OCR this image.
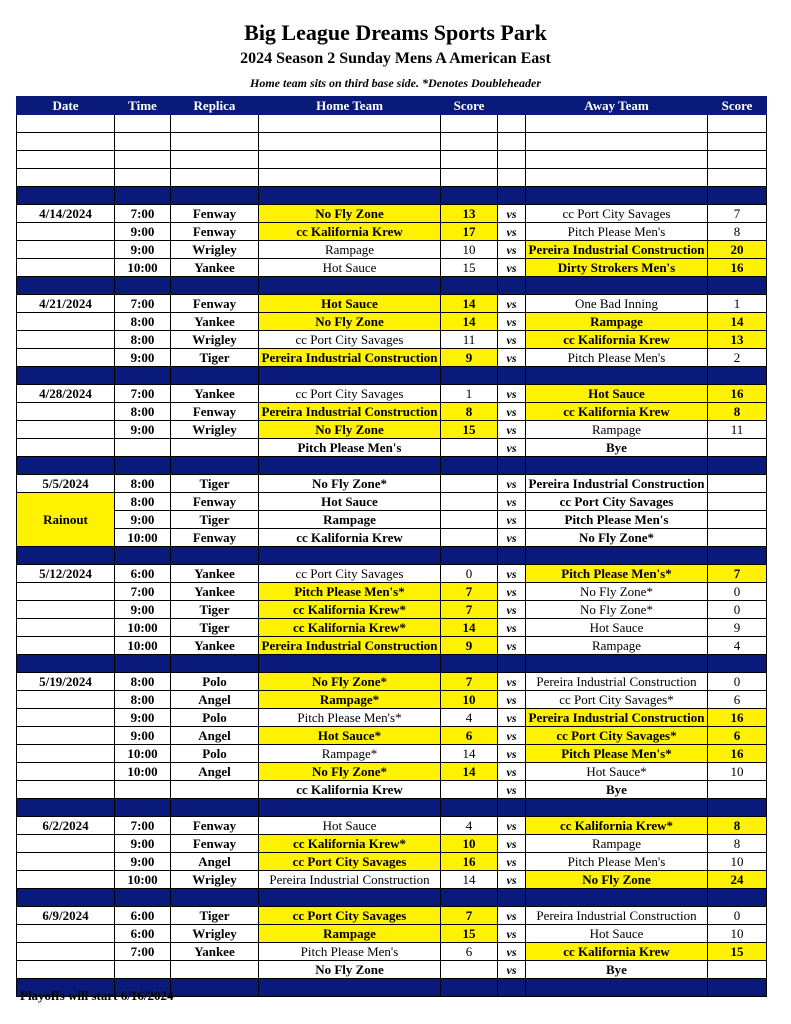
Big League Dreams Sports Park
2024 Season 2 Sunday Mens A American East
Home team sits on third base side. *Denotes Doubleheader
Date	Time	Replica	Home Team	Score		Away Team	Score

4/14/2024	7:00	Fenway	No Fly Zone	13	vs	cc Port City Savages	7
	9:00	Fenway	cc Kalifornia Krew	17	vs	Pitch Please Men's	8
	9:00	Wrigley	Rampage	10	vs	Pereira Industrial Construction	20
	10:00	Yankee	Hot Sauce	15	vs	Dirty Strokers Men's	16

4/21/2024	7:00	Fenway	Hot Sauce	14	vs	One Bad Inning	1
	8:00	Yankee	No Fly Zone	14	vs	Rampage	14
	8:00	Wrigley	cc Port City Savages	11	vs	cc Kalifornia Krew	13
	9:00	Tiger	Pereira Industrial Construction	9	vs	Pitch Please Men's	2

4/28/2024	7:00	Yankee	cc Port City Savages	1	vs	Hot Sauce	16
	8:00	Fenway	Pereira Industrial Construction	8	vs	cc Kalifornia Krew	8
	9:00	Wrigley	No Fly Zone	15	vs	Rampage	11
			Pitch Please Men's		vs	Bye	

5/5/2024	8:00	Tiger	No Fly Zone*		vs	Pereira Industrial Construction	
Rainout	8:00	Fenway	Hot Sauce		vs	cc Port City Savages	
	9:00	Tiger	Rampage		vs	Pitch Please Men's	
	10:00	Fenway	cc Kalifornia Krew		vs	No Fly Zone*	

5/12/2024	6:00	Yankee	cc Port City Savages	0	vs	Pitch Please Men's*	7
	7:00	Yankee	Pitch Please Men's*	7	vs	No Fly Zone*	0
	9:00	Tiger	cc Kalifornia Krew*	7	vs	No Fly Zone*	0
	10:00	Tiger	cc Kalifornia Krew*	14	vs	Hot Sauce	9
	10:00	Yankee	Pereira Industrial Construction	9	vs	Rampage	4

5/19/2024	8:00	Polo	No Fly Zone*	7	vs	Pereira Industrial Construction	0
	8:00	Angel	Rampage*	10	vs	cc Port City Savages*	6
	9:00	Polo	Pitch Please Men's*	4	vs	Pereira Industrial Construction	16
	9:00	Angel	Hot Sauce*	6	vs	cc Port City Savages*	6
	10:00	Polo	Rampage*	14	vs	Pitch Please Men's*	16
	10:00	Angel	No Fly Zone*	14	vs	Hot Sauce*	10
			cc Kalifornia Krew		vs	Bye	

6/2/2024	7:00	Fenway	Hot Sauce	4	vs	cc Kalifornia Krew*	8
	9:00	Fenway	cc Kalifornia Krew*	10	vs	Rampage	8
	9:00	Angel	cc Port City Savages	16	vs	Pitch Please Men's	10
	10:00	Wrigley	Pereira Industrial Construction	14	vs	No Fly Zone	24

6/9/2024	6:00	Tiger	cc Port City Savages	7	vs	Pereira Industrial Construction	0
	6:00	Wrigley	Rampage	15	vs	Hot Sauce	10
	7:00	Yankee	Pitch Please Men's	6	vs	cc Kalifornia Krew	15
			No Fly Zone		vs	Bye	

Playoffs will start 6/16/2024
